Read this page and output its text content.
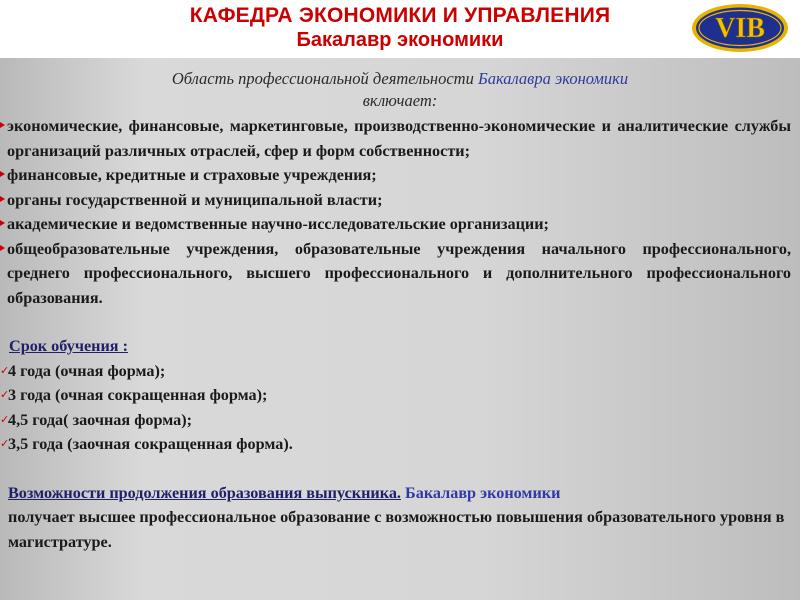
КАФЕДРА ЭКОНОМИКИ И УПРАВЛЕНИЯ
Бакалавр экономики	VIB
Область профессиональной деятельности Бакалавра экономики
включает:
экономические, финансовые, маркетинговые, производственно-экономические и аналитические службы организаций различных отраслей, сфер и форм собственности;
финансовые, кредитные и страховые учреждения;
органы государственной и муниципальной власти;
академические и ведомственные научно-исследовательские организации;
общеобразовательные учреждения, образовательные учреждения начального профессионального, среднего профессионального, высшего профессионального и дополнительного профессионального образования.
Срок обучения :
✓
4 года (очная форма);
✓
3 года (очная сокращенная форма);
✓
4,5 года( заочная форма);
✓
3,5 года (заочная сокращенная форма).
Возможности продолжения образования выпускника. Бакалавр экономики
получает высшее профессиональное образование с возможностью повышения образовательного уровня в магистратуре.
